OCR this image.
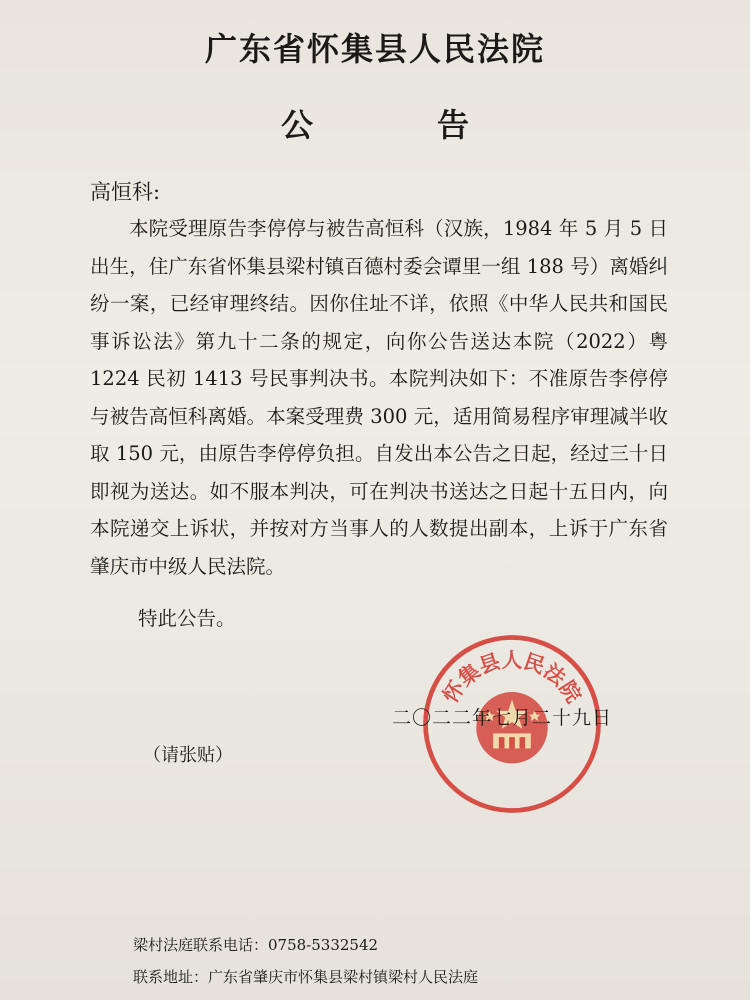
广东省怀集县人民法院
公　告
高恒科:

本院受理原告李停停与被告高恒科（汉族，1984 年 5 月 5 日出生，住广东省怀集县梁村镇百德村委会谭里一组 188 号）离婚纠纷一案，已经审理终结。因你住址不详，依照《中华人民共和国民事诉讼法》第九十二条的规定，向你公告送达本院（2022）粤 1224 民初 1413 号民事判决书。本院判决如下：不准原告李停停与被告高恒科离婚。本案受理费 300 元，适用简易程序审理减半收取 150 元，由原告李停停负担。自发出本公告之日起，经过三十日即视为送达。如不服本判决，可在判决书送达之日起十五日内，向本院递交上诉状，并按对方当事人的人数提出副本，上诉于广东省肇庆市中级人民法院。

特此公告。
怀集县人民法院
二〇二二年七月二十九日
（请张贴）
梁村法庭联系电话：0758-5332542
联系地址：广东省肇庆市怀集县梁村镇梁村人民法庭
